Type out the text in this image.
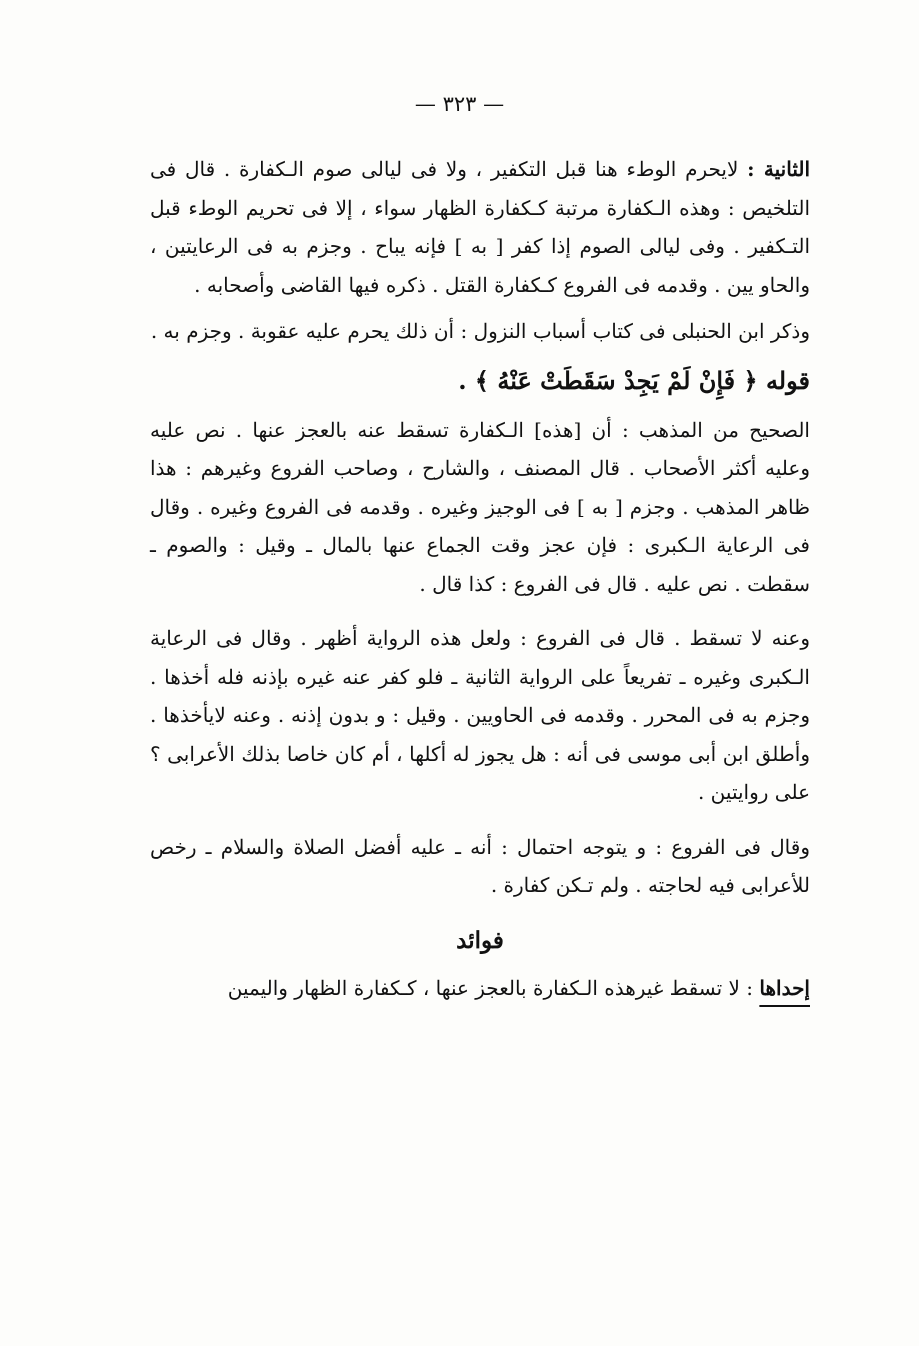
— ٣٢٣ —

الثانية : لايحرم الوطء هنا قبل التكفير ، ولا فى ليالى صوم الـكفارة . قال فى التلخيص : وهذه الـكفارة مرتبة كـكفارة الظهار سواء ، إلا فى تحريم الوطء قبل التـكفير . وفى ليالى الصوم إذا كفر [ به ] فإنه يباح . وجزم به فى الرعايتين ، والحاو يين . وقدمه فى الفروع كـكفارة القتل . ذكره فيها القاضى وأصحابه .

وذكر ابن الحنبلى فى كتاب أسباب النزول : أن ذلك يحرم عليه عقوبة . وجزم به .

قوله ﴿ فَإِنْ لَمْ يَجِدْ سَقَطَتْ عَنْهُ ﴾ .

الصحيح من المذهب : أن [هذه] الـكفارة تسقط عنه بالعجز عنها . نص عليه وعليه أكثر الأصحاب . قال المصنف ، والشارح ، وصاحب الفروع وغيرهم : هذا ظاهر المذهب . وجزم [ به ] فى الوجيز وغيره . وقدمه فى الفروع وغيره . وقال فى الرعاية الـكبرى : فإن عجز وقت الجماع عنها بالمال ـ وقيل : والصوم ـ سقطت . نص عليه . قال فى الفروع : كذا قال .

وعنه لا تسقط . قال فى الفروع : ولعل هذه الرواية أظهر . وقال فى الرعاية الـكبرى وغيره ـ تفريعاً على الرواية الثانية ـ فلو كفر عنه غيره بإذنه فله أخذها . وجزم به فى المحرر . وقدمه فى الحاويين . وقيل : و بدون إذنه . وعنه لايأخذها . وأطلق ابن أبى موسى فى أنه : هل يجوز له أكلها ، أم كان خاصا بذلك الأعرابى ؟ على روايتين .

وقال فى الفروع : و يتوجه احتمال : أنه ـ عليه أفضل الصلاة والسلام ـ رخص للأعرابى فيه لحاجته . ولم تـكن كفارة .

فوائد

إحداها : لا تسقط غيرهذه الـكفارة بالعجز عنها ، كـكفارة الظهار واليمين
